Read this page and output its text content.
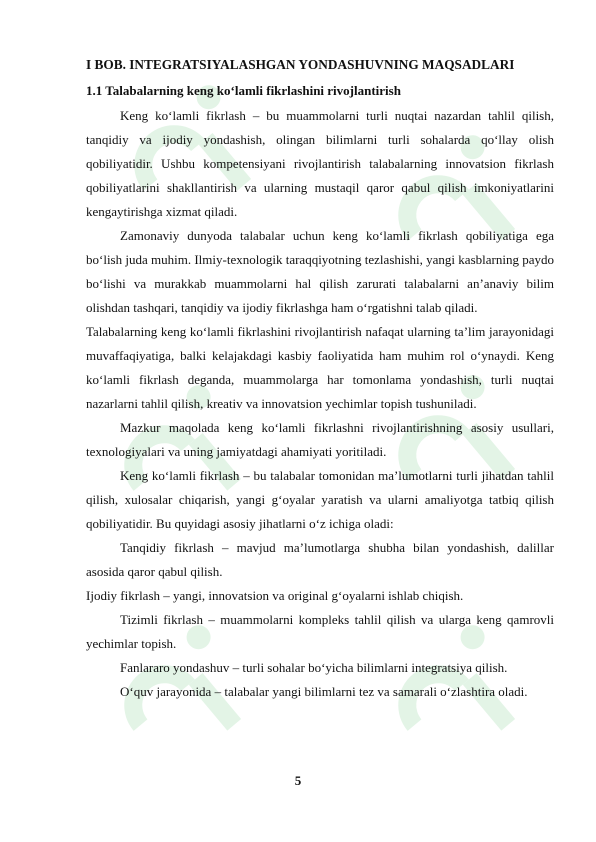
I BOB. INTEGRATSIYALASHGAN YONDASHUVNING MAQSADLARI
1.1 Talabalarning keng ko‘lamli fikrlashini rivojlantirish

Keng ko‘lamli fikrlash – bu muammolarni turli nuqtai nazardan tahlil qilish, tanqidiy va ijodiy yondashish, olingan bilimlarni turli sohalarda qo‘llay olish qobiliyatidir. Ushbu kompetensiyani rivojlantirish talabalarning innovatsion fikrlash qobiliyatlarini shakllantirish va ularning mustaqil qaror qabul qilish imkoniyatlarini kengaytirishga xizmat qiladi.

Zamonaviy dunyoda talabalar uchun keng ko‘lamli fikrlash qobiliyatiga ega bo‘lish juda muhim. Ilmiy-texnologik taraqqiyotning tezlashishi, yangi kasblarning paydo bo‘lishi va murakkab muammolarni hal qilish zarurati talabalarni an’anaviy bilim olishdan tashqari, tanqidiy va ijodiy fikrlashga ham o‘rgatishni talab qiladi.

Talabalarning keng ko‘lamli fikrlashini rivojlantirish nafaqat ularning ta’lim jarayonidagi muvaffaqiyatiga, balki kelajakdagi kasbiy faoliyatida ham muhim rol o‘ynaydi. Keng ko‘lamli fikrlash deganda, muammolarga har tomonlama yondashish, turli nuqtai nazarlarni tahlil qilish, kreativ va innovatsion yechimlar topish tushuniladi.

Mazkur maqolada keng ko‘lamli fikrlashni rivojlantirishning asosiy usullari, texnologiyalari va uning jamiyatdagi ahamiyati yoritiladi.

Keng ko‘lamli fikrlash – bu talabalar tomonidan ma’lumotlarni turli jihatdan tahlil qilish, xulosalar chiqarish, yangi g‘oyalar yaratish va ularni amaliyotga tatbiq qilish qobiliyatidir. Bu quyidagi asosiy jihatlarni o‘z ichiga oladi:

Tanqidiy fikrlash – mavjud ma’lumotlarga shubha bilan yondashish, dalillar asosida qaror qabul qilish.

Ijodiy fikrlash – yangi, innovatsion va original g‘oyalarni ishlab chiqish.

Tizimli fikrlash – muammolarni kompleks tahlil qilish va ularga keng qamrovli yechimlar topish.

Fanlararo yondashuv – turli sohalar bo‘yicha bilimlarni integratsiya qilish.

O‘quv jarayonida – talabalar yangi bilimlarni tez va samarali o‘zlashtira oladi.

5
